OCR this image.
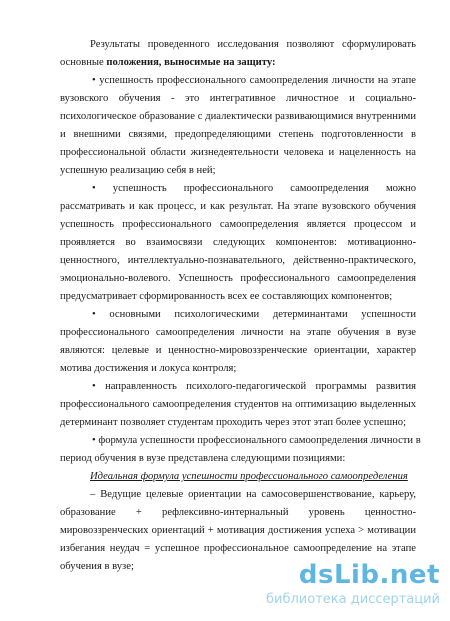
Результаты проведенного исследования позволяют сформулировать
основные положения, выносимые на защиту:
• успешность профессионального самоопределения личности на этапе
вузовского обучения - это интегративное личностное и социально-
психологическое образование с диалектически развивающимися внутренними
и внешними связями, предопределяющими степень подготовленности в
профессиональной области жизнедеятельности человека и нацеленность на
успешную реализацию себя в ней;
• успешность профессионального самоопределения можно
рассматривать и как процесс, и как результат. На этапе вузовского обучения
успешность профессионального самоопределения является процессом и
проявляется во взаимосвязи следующих компонентов: мотивационно-
ценностного, интеллектуально-познавательного, действенно-практического,
эмоционально-волевого. Успешность профессионального самоопределения
предусматривает сформированность всех ее составляющих компонентов;
• основными психологическими детерминантами успешности
профессионального самоопределения личности на этапе обучения в вузе
являются: целевые и ценностно-мировоззренческие ориентации, характер
мотива достижения и локуса контроля;
• направленность психолого-педагогической программы развития
профессионального самоопределения студентов на оптимизацию выделенных
детерминант позволяет студентам проходить через этот этап более успешно;
• формула успешности профессионального самоопределения личности в
период обучения в вузе представлена следующими позициями:
Идеальная формула успешности профессионального самоопределения
– Ведущие целевые ориентации на самосовершенствование, карьеру,
образование + рефлексивно-интернальный уровень ценностно-
мировоззренческих ориентаций + мотивация достижения успеха > мотивации
избегания неудач = успешное профессиональное самоопределение на этапе
обучения в вузе;	dsLib.net
библиотека диссертаций
